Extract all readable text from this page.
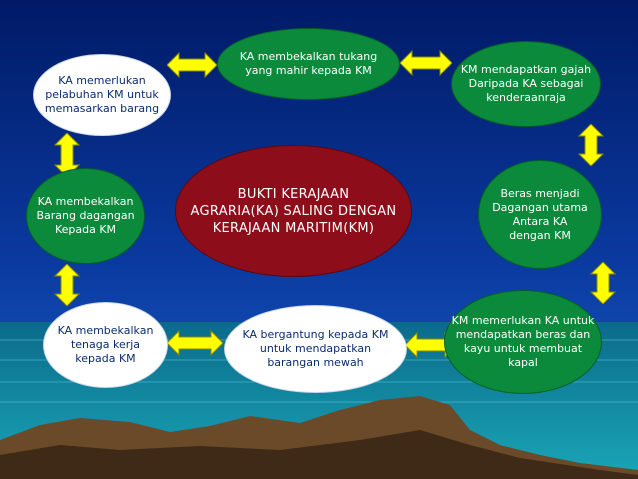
KA memerlukan
pelabuhan KM untuk
memasarkan barang
KA membekalkan tukang
yang mahir kepada KM	KM mendapatkan gajah
Daripada KA sebagai
kenderaanraja
KA membekalkan
Barang dagangan
Kepada KM
BUKTI KERAJAAN
AGRARIA(KA) SALING DENGAN
KERAJAAN MARITIM(KM)
Beras menjadi
Dagangan utama
Antara KA
dengan KM
KA membekalkan
tenaga kerja
kepada KM
KA bergantung kepada KM
untuk mendapatkan
barangan mewah
KM memerlukan KA untuk
mendapatkan beras dan
kayu untuk membuat
kapal
